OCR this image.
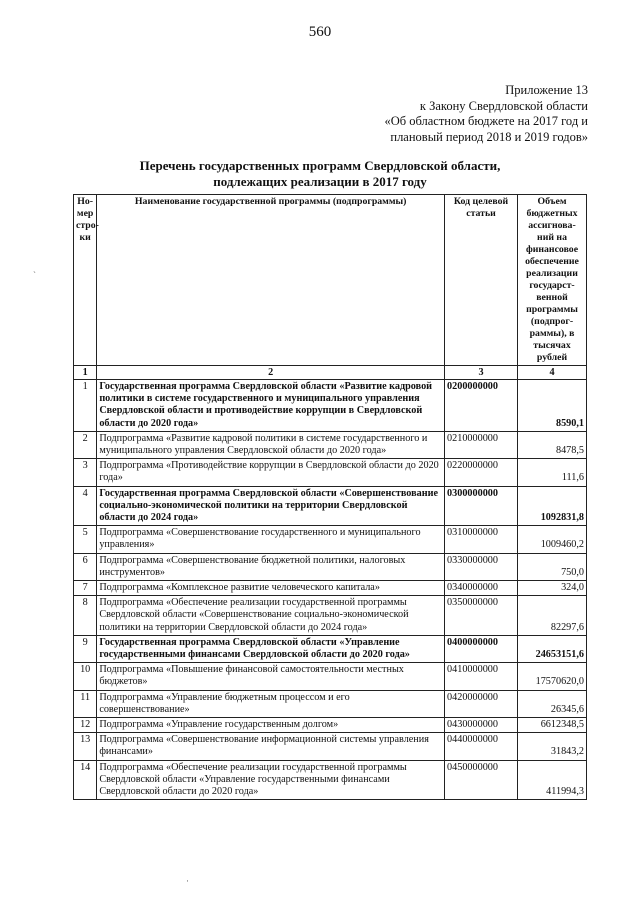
560
Приложение 13
к Закону Свердловской области
«Об областном бюджете на 2017 год и
плановый период 2018 и 2019 годов»
Перечень государственных программ Свердловской области,
подлежащих реализации в 2017 году
`
·
Но-мер стро-ки	Наименование государственной программы (подпрограммы)	Код целевой статьи	Объем бюджетных ассигнова-ний на финансовое обеспечение реализации государст-венной программы (подпрог-раммы), в тысячах рублей
1	2	3	4
1	Государственная программа Свердловской области «Развитие кадровой политики в системе государственного и муниципального управления Свердловской области и противодействие коррупции в Свердловской области до 2020 года»	0200000000	8590,1
2	Подпрограмма «Развитие кадровой политики в системе государственного и муниципального управления Свердловской области до 2020 года»	0210000000	8478,5
3	Подпрограмма «Противодействие коррупции в Свердловской области до 2020 года»	0220000000	111,6
4	Государственная программа Свердловской области «Совершенствование социально-экономической политики на территории Свердловской области до 2024 года»	0300000000	1092831,8
5	Подпрограмма «Совершенствование государственного и муниципального управления»	0310000000	1009460,2
6	Подпрограмма «Совершенствование бюджетной политики, налоговых инструментов»	0330000000	750,0
7	Подпрограмма «Комплексное развитие человеческого капитала»	0340000000	324,0
8	Подпрограмма «Обеспечение реализации государственной программы Свердловской области «Совершенствование социально-экономической политики на территории Свердловской области до 2024 года»	0350000000	82297,6
9	Государственная программа Свердловской области «Управление государственными финансами Свердловской области до 2020 года»	0400000000	24653151,6
10	Подпрограмма «Повышение финансовой самостоятельности местных бюджетов»	0410000000	17570620,0
11	Подпрограмма «Управление бюджетным процессом и его совершенствование»	0420000000	26345,6
12	Подпрограмма «Управление государственным долгом»	0430000000	6612348,5
13	Подпрограмма «Совершенствование информационной системы управления финансами»	0440000000	31843,2
14	Подпрограмма «Обеспечение реализации государственной программы Свердловской области «Управление государственными финансами Свердловской области до 2020 года»	0450000000	411994,3
